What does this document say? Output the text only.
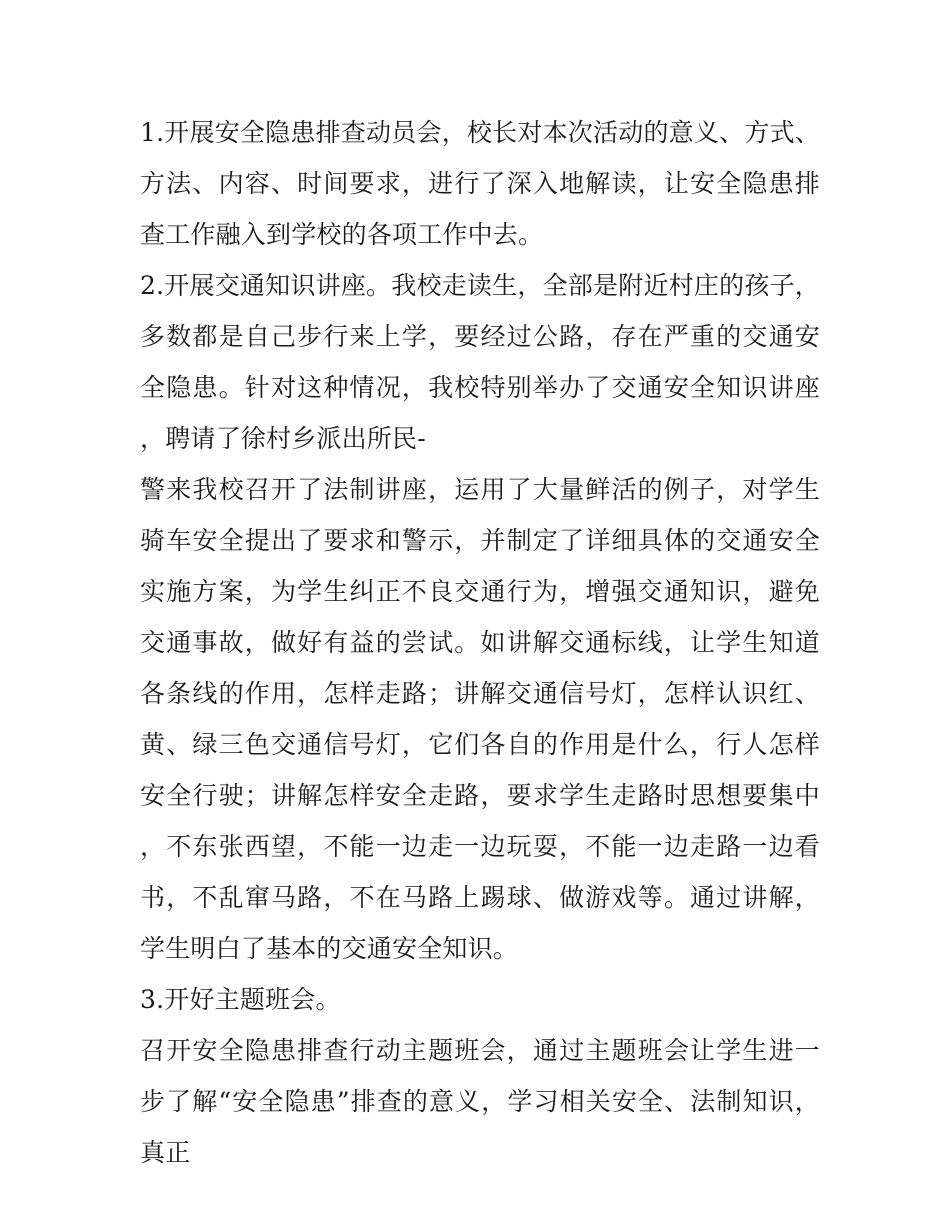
1.开展安全隐患排查动员会，校长对本次活动的意义、方式、方法、内容、时间要求，进行了深入地解读，让安全隐患排查工作融入到学校的各项工作中去。

2.开展交通知识讲座。我校走读生，全部是附近村庄的孩子，多数都是自己步行来上学，要经过公路，存在严重的交通安全隐患。针对这种情况，我校特别举办了交通安全知识讲座，聘请了徐村乡派出所民-

警来我校召开了法制讲座，运用了大量鲜活的例子，对学生骑车安全提出了要求和警示，并制定了详细具体的交通安全实施方案，为学生纠正不良交通行为，增强交通知识，避免交通事故，做好有益的尝试。如讲解交通标线，让学生知道各条线的作用，怎样走路；讲解交通信号灯，怎样认识红、黄、绿三色交通信号灯，它们各自的作用是什么，行人怎样安全行驶；讲解怎样安全走路，要求学生走路时思想要集中，不东张西望，不能一边走一边玩耍，不能一边走路一边看书，不乱窜马路，不在马路上踢球、做游戏等。通过讲解，学生明白了基本的交通安全知识。

3.开好主题班会。

召开安全隐患排查行动主题班会，通过主题班会让学生进一步了解“安全隐患”排查的意义，学习相关安全、法制知识，真正
